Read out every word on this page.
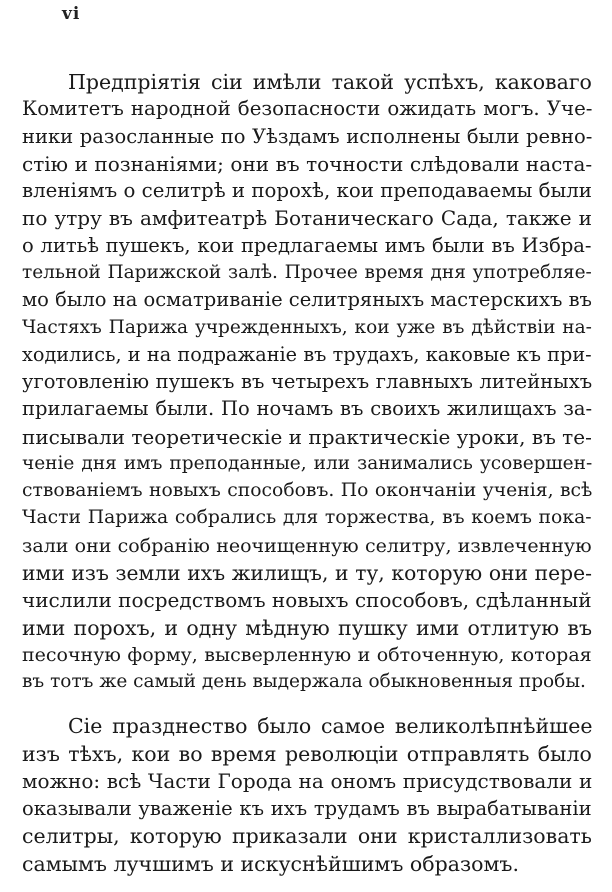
vi
Предпріятія сіи имѣли такой успѣхъ, каковаго
Комитетъ народной безопасности ожидать могъ. Уче-
ники разосланные по Уѣздамъ исполнены были ревно-
стію и познаніями; они въ точности слѣдовали наста-
вленіямъ о селитрѣ и порохѣ, кои преподаваемы были
по утру въ амфитеатрѣ Ботаническагo Сада, также и
о литьѣ пушекъ, кои предлагаемы имъ были въ Избра-
тельной Парижской залѣ. Прочее время дня употребляе-
мо было на осматриваніе селитряныхъ мастерскихъ въ
Частяхъ Парижа учрежденныхъ, кои уже въ дѣйствіи на-
ходились, и на подражаніе въ трудахъ, каковые къ при-
уготовленію пушекъ въ четырехъ главныхъ литейныхъ
прилагаемы были. По ночамъ въ своихъ жилищахъ за-
писывали теоретическіе и практическіе уроки, въ те-
ченіе дня имъ преподанные, или занимались усовершен-
ствованіемъ новыхъ способовъ. По окончаніи ученія, всѣ
Части Парижа собрались для торжества, въ коемъ пока-
зали они собранію неочищенную селитру, извлеченную
ими изъ земли ихъ жилищъ, и ту, которую они пере-
числили посредствомъ новыхъ способовъ, сдѣланный
ими порохъ, и одну мѣдную пушку ими отлитую въ
песочную форму, высверленную и обточенную, которая
въ тотъ же самый день выдержала обыкновенныя пробы.
Сіе празднество было самое великолѣпнѣйшее
изъ тѣхъ, кои во время революціи отправлять было
можно: всѣ Части Города на ономъ присудствовали и
оказывали уваженіе къ ихъ трудамъ въ вырабатываніи
селитры, которую приказали они кристаллизовать
самымъ лучшимъ и искуснѣйшимъ образомъ.
